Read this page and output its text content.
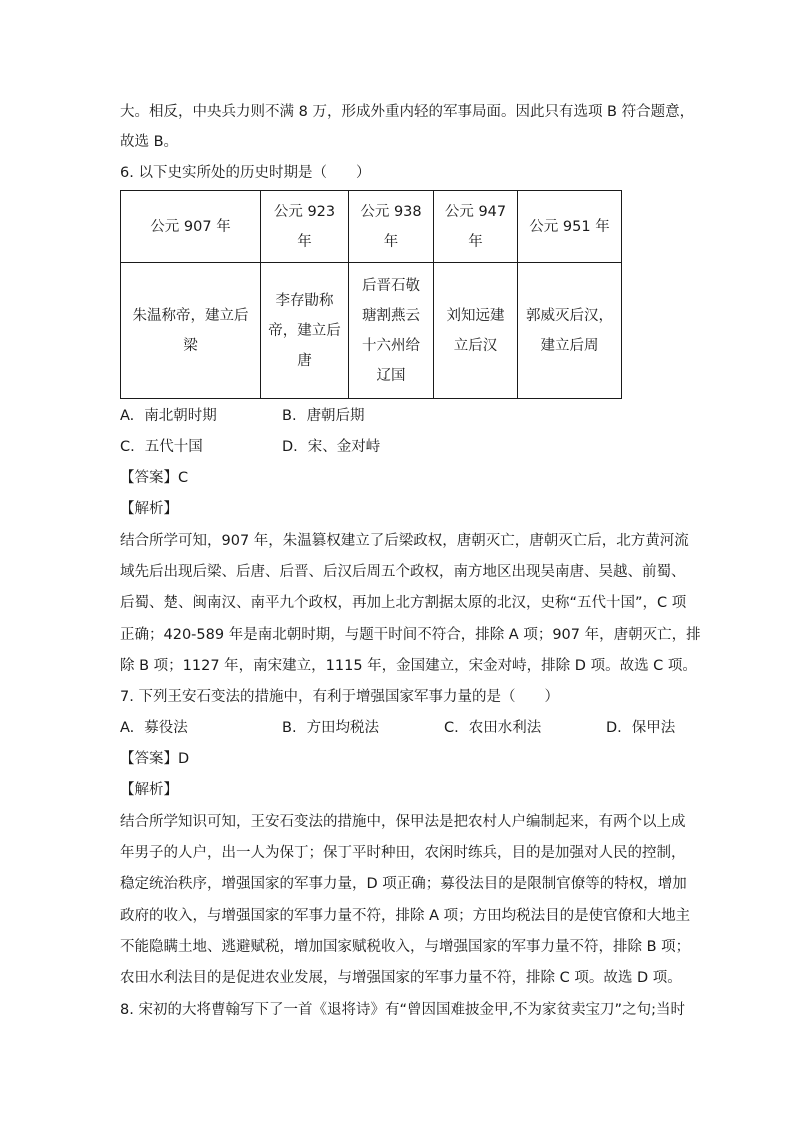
大。相反，中央兵力则不满 8 万，形成外重内轻的军事局面。因此只有选项 B 符合题意，
故选 B。
6. 以下史实所处的历史时期是（　　）
公元 907 年	公元 923 年	公元 938 年	公元 947 年	公元 951 年
朱温称帝，建立后梁	李存勖称帝，建立后唐	后晋石敬瑭割燕云十六州给辽国	刘知远建立后汉	郭威灭后汉，建立后周
A. 南北朝时期	B. 唐朝后期
C. 五代十国	D. 宋、金对峙
【答案】C
【解析】
结合所学可知，907 年，朱温篡权建立了后梁政权，唐朝灭亡，唐朝灭亡后，北方黄河流
域先后出现后梁、后唐、后晋、后汉后周五个政权，南方地区出现吴南唐、吴越、前蜀、
后蜀、楚、闽南汉、南平九个政权，再加上北方割据太原的北汉，史称“五代十国”，C 项
正确；420-589 年是南北朝时期，与题干时间不符合，排除 A 项；907 年，唐朝灭亡，排
除 B 项；1127 年，南宋建立，1115 年，金国建立，宋金对峙，排除 D 项。故选 C 项。
7. 下列王安石变法的措施中，有利于增强国家军事力量的是（　　）
A. 募役法	B. 方田均税法	C. 农田水利法	D. 保甲法
【答案】D
【解析】
结合所学知识可知，王安石变法的措施中，保甲法是把农村人户编制起来，有两个以上成
年男子的人户，出一人为保丁；保丁平时种田，农闲时练兵，目的是加强对人民的控制，
稳定统治秩序，增强国家的军事力量，D 项正确；募役法目的是限制官僚等的特权，增加
政府的收入，与增强国家的军事力量不符，排除 A 项；方田均税法目的是使官僚和大地主
不能隐瞒土地、逃避赋税，增加国家赋税收入，与增强国家的军事力量不符，排除 B 项；
农田水利法目的是促进农业发展，与增强国家的军事力量不符，排除 C 项。故选 D 项。
8. 宋初的大将曹翰写下了一首《退将诗》有“曾因国难披金甲,不为家贫卖宝刀”之句;当时
